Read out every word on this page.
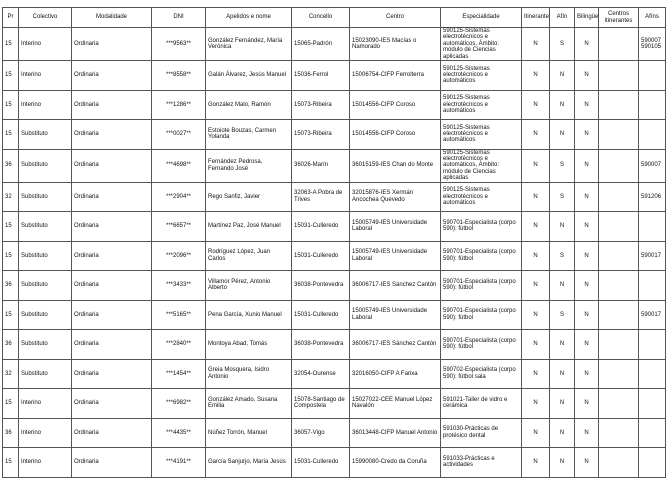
Pr	Colectivo	Modalidade	DNI	Apelidos e nome	Concello	Centro	Especialidade	Itinerante	Afín	Bilingüe	Centros itinerantes	Afíns
15	Interino	Ordinaria	***9563**	González Fernández, María Verónica	15065-Padrón	15023090-IES Macías o Namorado	590125-Sistemas electrotécnicos e automáticos, Ámbito: módulo de Ciencias aplicadas	N	S	N		590007 590105
15	Interino	Ordinaria	***8558**	Galán Álvarez, Jesús Manuel	15036-Ferrol	15006754-CIFP Ferrolterra	590125-Sistemas electrotécnicos e automáticos	N	N	N		
15	Interino	Ordinaria	***1286**	González Malo, Ramón	15073-Ribeira	15014556-CIFP Coroso	590125-Sistemas electrotécnicos e automáticos	N	N	N		
15	Substituto	Ordinaria	***0027**	Estoiote Bouzas, Carmen Yolanda	15073-Ribeira	15014556-CIFP Coroso	590125-Sistemas electrotécnicos e automáticos	N	N	N		
36	Substituto	Ordinaria	***4698**	Fernández Pedrosa, Fernando José	36026-Marín	36015159-IES Chan do Monte	590125-Sistemas electrotécnicos e automáticos, Ámbito: módulo de Ciencias aplicadas	N	S	N		590007
32	Substituto	Ordinaria	***2904**	Rego Sanfiz, Javier	32063-A Pobra de Trives	32015876-IES Xermán Ancochea Quevedo	590125-Sistemas electrotécnicos e automáticos	N	S	N		591206
15	Substituto	Ordinaria	***6657**	Martínez Paz, José Manuel	15031-Culleredo	15005749-IES Universidade Laboral	590701-Especialista (corpo 590): fútbol	N	N	N		
15	Substituto	Ordinaria	***2096**	Rodríguez López, Juan Carlos	15031-Culleredo	15005749-IES Universidade Laboral	590701-Especialista (corpo 590): fútbol	N	S	N		590017
36	Substituto	Ordinaria	***3433**	Villamor Pérez, Antonio Alberto	36038-Pontevedra	36006717-IES Sánchez Cantón	590701-Especialista (corpo 590): fútbol	N	N	N		
15	Substituto	Ordinaria	***5165**	Pena García, Xunio Manuel	15031-Culleredo	15005749-IES Universidade Laboral	590701-Especialista (corpo 590): fútbol	N	S	N		590017
36	Substituto	Ordinaria	***2840**	Montoya Abad, Tomás	36038-Pontevedra	36006717-IES Sánchez Cantón	590701-Especialista (corpo 590): fútbol	N	N	N		
32	Substituto	Ordinaria	***1454**	Greia Mosquera, Isidro Antonio	32054-Ourense	32016050-CIFP A Farixa	590702-Especialista (corpo 590): fútbol sala	N	N	N		
15	Interino	Ordinaria	***6982**	González Amado, Susana Emilia	15078-Santiago de Compostela	15027022-CEE Manuel López Navalón	591021-Taller de vidro e cerámica	N	N	N		
36	Interino	Ordinaria	***4435**	Núñez Torrón, Manuel	36057-Vigo	36013448-CIFP Manuel Antonio	591030-Prácticas de protésico dental	N	N	N		
15	Interino	Ordinaria	***4191**	García Sanjurjo, María Jesús	15031-Culleredo	15990080-Credo da Coruña	591033-Prácticas e actividades	N	N	N		
